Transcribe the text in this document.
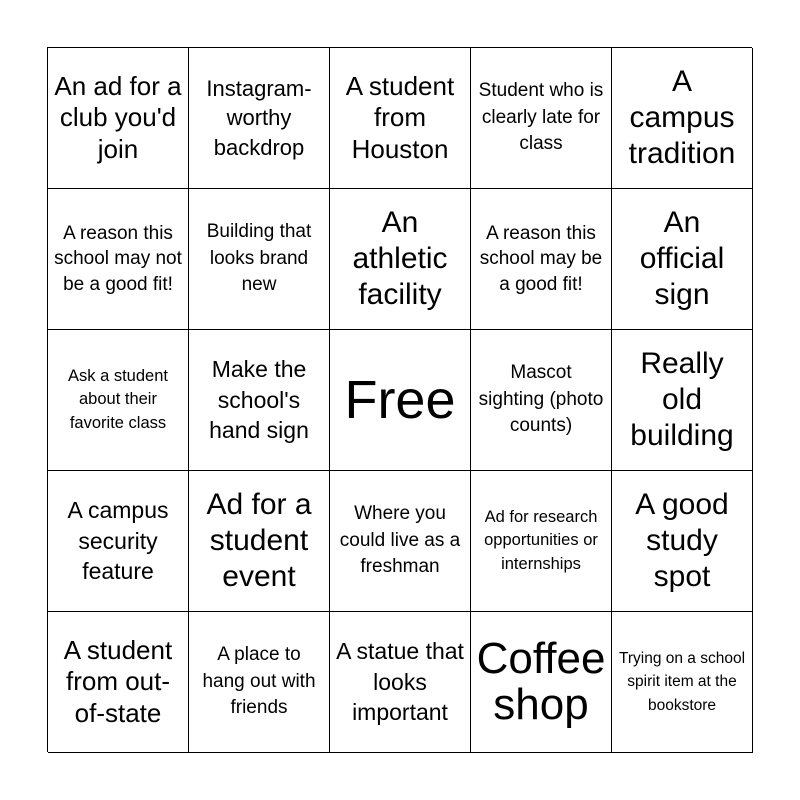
An ad for a club you'd join
Instagram-worthy backdrop
A student from Houston
Student who is clearly late for class
A campus tradition
A reason this school may not be a good fit!
Building that looks brand new
An athletic facility
A reason this school may be a good fit!
An official sign
Ask a student about their favorite class
Make the school's hand sign
Free	Mascot sighting (photo counts)
Really old building
A campus security feature
Ad for a student event
Where you could live as a freshman
Ad for research opportunities or internships
A good study spot
A student from out-of-state
A place to hang out with friends
A statue that looks important
Coffee shop
Trying on a school spirit item at the bookstore
